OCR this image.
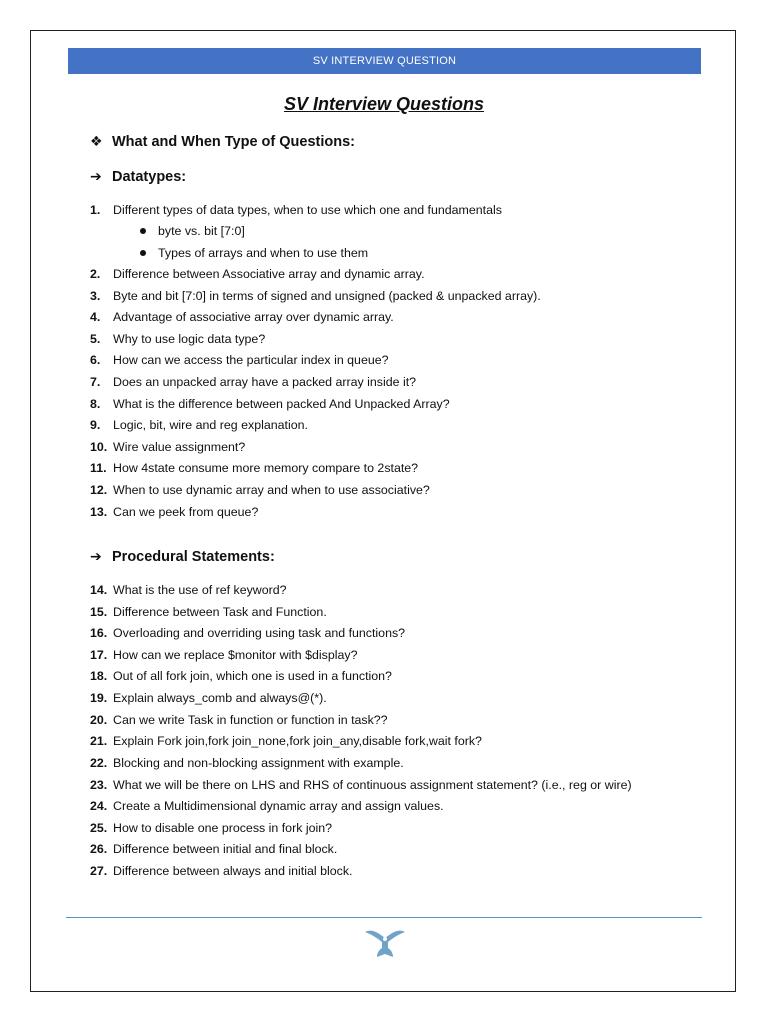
SV INTERVIEW QUESTION
SV Interview Questions
❖ What and When Type of Questions:
➔ Datatypes:
1.	Different types of data types, when to use which one and fundamentals
byte vs. bit [7:0]
Types of arrays and when to use them
2.	Difference between Associative array and dynamic array.
3.	Byte and bit [7:0] in terms of signed and unsigned (packed & unpacked array).
4.	Advantage of associative array over dynamic array.
5.	Why to use logic data type?
6.	How can we access the particular index in queue?
7.	Does an unpacked array have a packed array inside it?
8.	What is the difference between packed And Unpacked Array?
9.	Logic, bit, wire and reg explanation.
10. Wire value assignment?
11. How 4state consume more memory compare to 2state?
12. When to use dynamic array and when to use associative?
13. Can we peek from queue?
➔ Procedural Statements:
14. What is the use of ref keyword?
15. Difference between Task and Function.
16. Overloading and overriding using task and functions?
17. How can we replace $monitor with $display?
18. Out of all fork join, which one is used in a function?
19. Explain always_comb and always@(*).
20. Can we write Task in function or function in task??
21. Explain Fork join,fork join_none,fork join_any,disable fork,wait fork?
22. Blocking and non-blocking assignment with example.
23. What we will be there on LHS and RHS of continuous assignment statement? (i.e., reg or wire)
24. Create a Multidimensional dynamic array and assign values.
25. How to disable one process in fork join?
26. Difference between initial and final block.
27. Difference between always and initial block.
